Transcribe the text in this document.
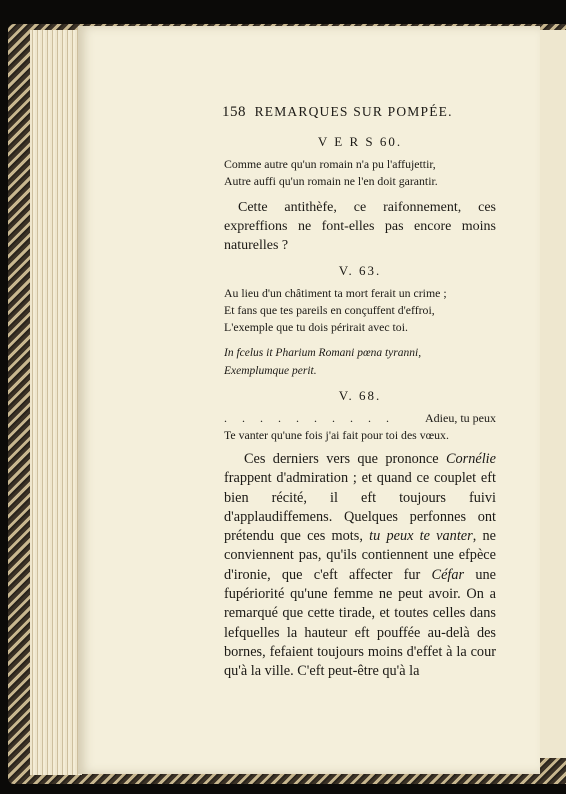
158 REMARQUES SUR POMPÉE.
V E R S 60.

Comme autre qu'un romain n'a pu l'affujettir,

Autre auffi qu'un romain ne l'en doit garantir.

Cette antithèfe, ce raifonnement, ces expreffions ne font-elles pas encore moins naturelles ?

V. 63.

Au lieu d'un châtiment ta mort ferait un crime ;

Et fans que tes pareils en conçuffent d'effroi,

L'exemple que tu dois périrait avec toi.

In fcelus it Pharium Romani pœna tyranni,

Exemplumque perit.

V. 68.

. . . . . . . . . .	Adieu, tu peux

Te vanter qu'une fois j'ai fait pour toi des vœux.

Ces derniers vers que prononce Cornélie frappent d'admiration ; et quand ce couplet eft bien récité, il eft toujours fuivi d'applaudiffemens. Quelques perfonnes ont prétendu que ces mots, tu peux te vanter, ne conviennent pas, qu'ils contiennent une efpèce d'ironie, que c'eft affecter fur Céfar une fupériorité qu'une femme ne peut avoir. On a remarqué que cette tirade, et toutes celles dans lefquelles la hauteur eft pouffée au-delà des bornes, fefaient toujours moins d'effet à la cour qu'à la ville. C'eft peut-être qu'à la
